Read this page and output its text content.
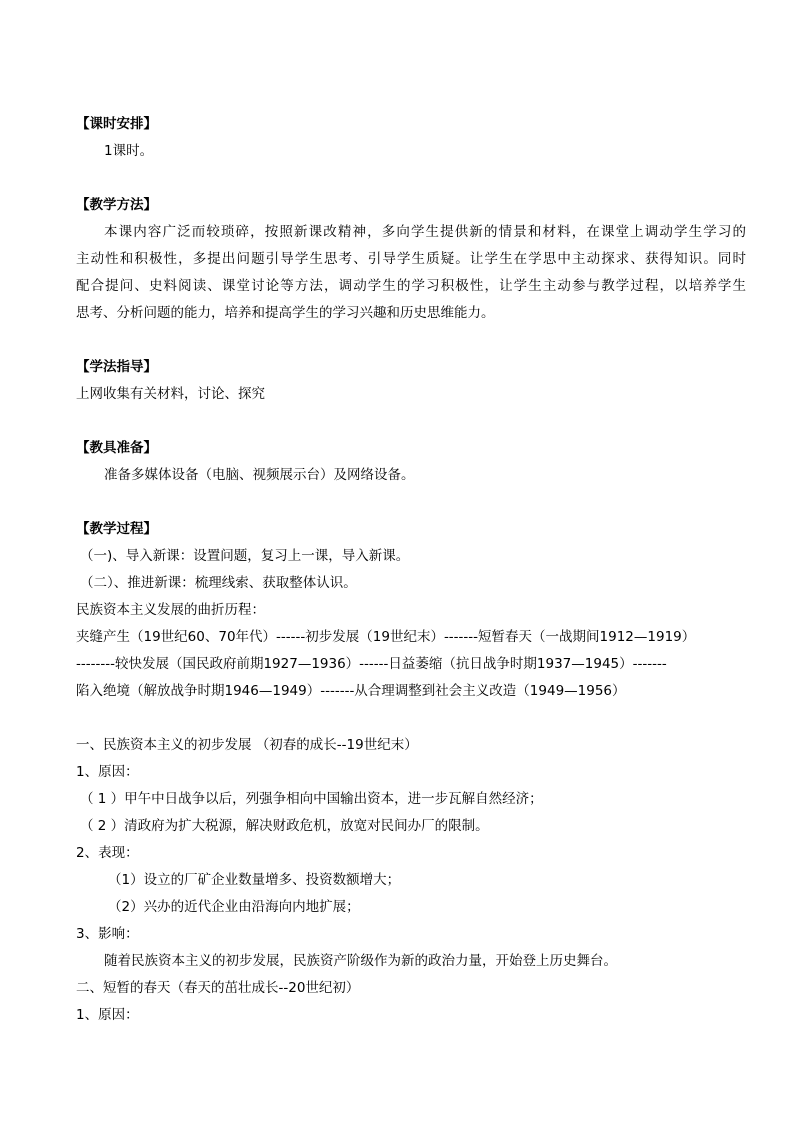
【课时安排】
1课时。
【教学方法】
本课内容广泛而较琐碎，按照新课改精神，多向学生提供新的情景和材料，在课堂上调动学生学习的
主动性和积极性，多提出问题引导学生思考、引导学生质疑。让学生在学思中主动探求、获得知识。同时
配合提问、史料阅读、课堂讨论等方法，调动学生的学习积极性，让学生主动参与教学过程，以培养学生
思考、分析问题的能力，培养和提高学生的学习兴趣和历史思维能力。
【学法指导】
上网收集有关材料，讨论、探究
【教具准备】
准备多媒体设备（电脑、视频展示台）及网络设备。
【教学过程】
（一)、导入新课：设置问题，复习上一课，导入新课。
（二）、推进新课：梳理线索、获取整体认识。
民族资本主义发展的曲折历程：
夹缝产生（19世纪60、70年代）------初步发展（19世纪末）-------短暂春天（一战期间1912—1919）
--------较快发展（国民政府前期1927—1936）------日益萎缩（抗日战争时期1937—1945）-------
陷入绝境（解放战争时期1946—1949）-------从合理调整到社会主义改造（1949—1956）
一、民族资本主义的初步发展 （初春的成长--19世纪末）
1、原因：
（ 1 ）甲午中日战争以后，列强争相向中国输出资本，进一步瓦解自然经济；
（ 2 ）清政府为扩大税源，解决财政危机，放宽对民间办厂的限制。
2、表现：
（1）设立的厂矿企业数量增多、投资数额增大；
（2）兴办的近代企业由沿海向内地扩展；
3、影响：
随着民族资本主义的初步发展，民族资产阶级作为新的政治力量，开始登上历史舞台。
二、短暂的春天（春天的茁壮成长--20世纪初）
1、原因：
